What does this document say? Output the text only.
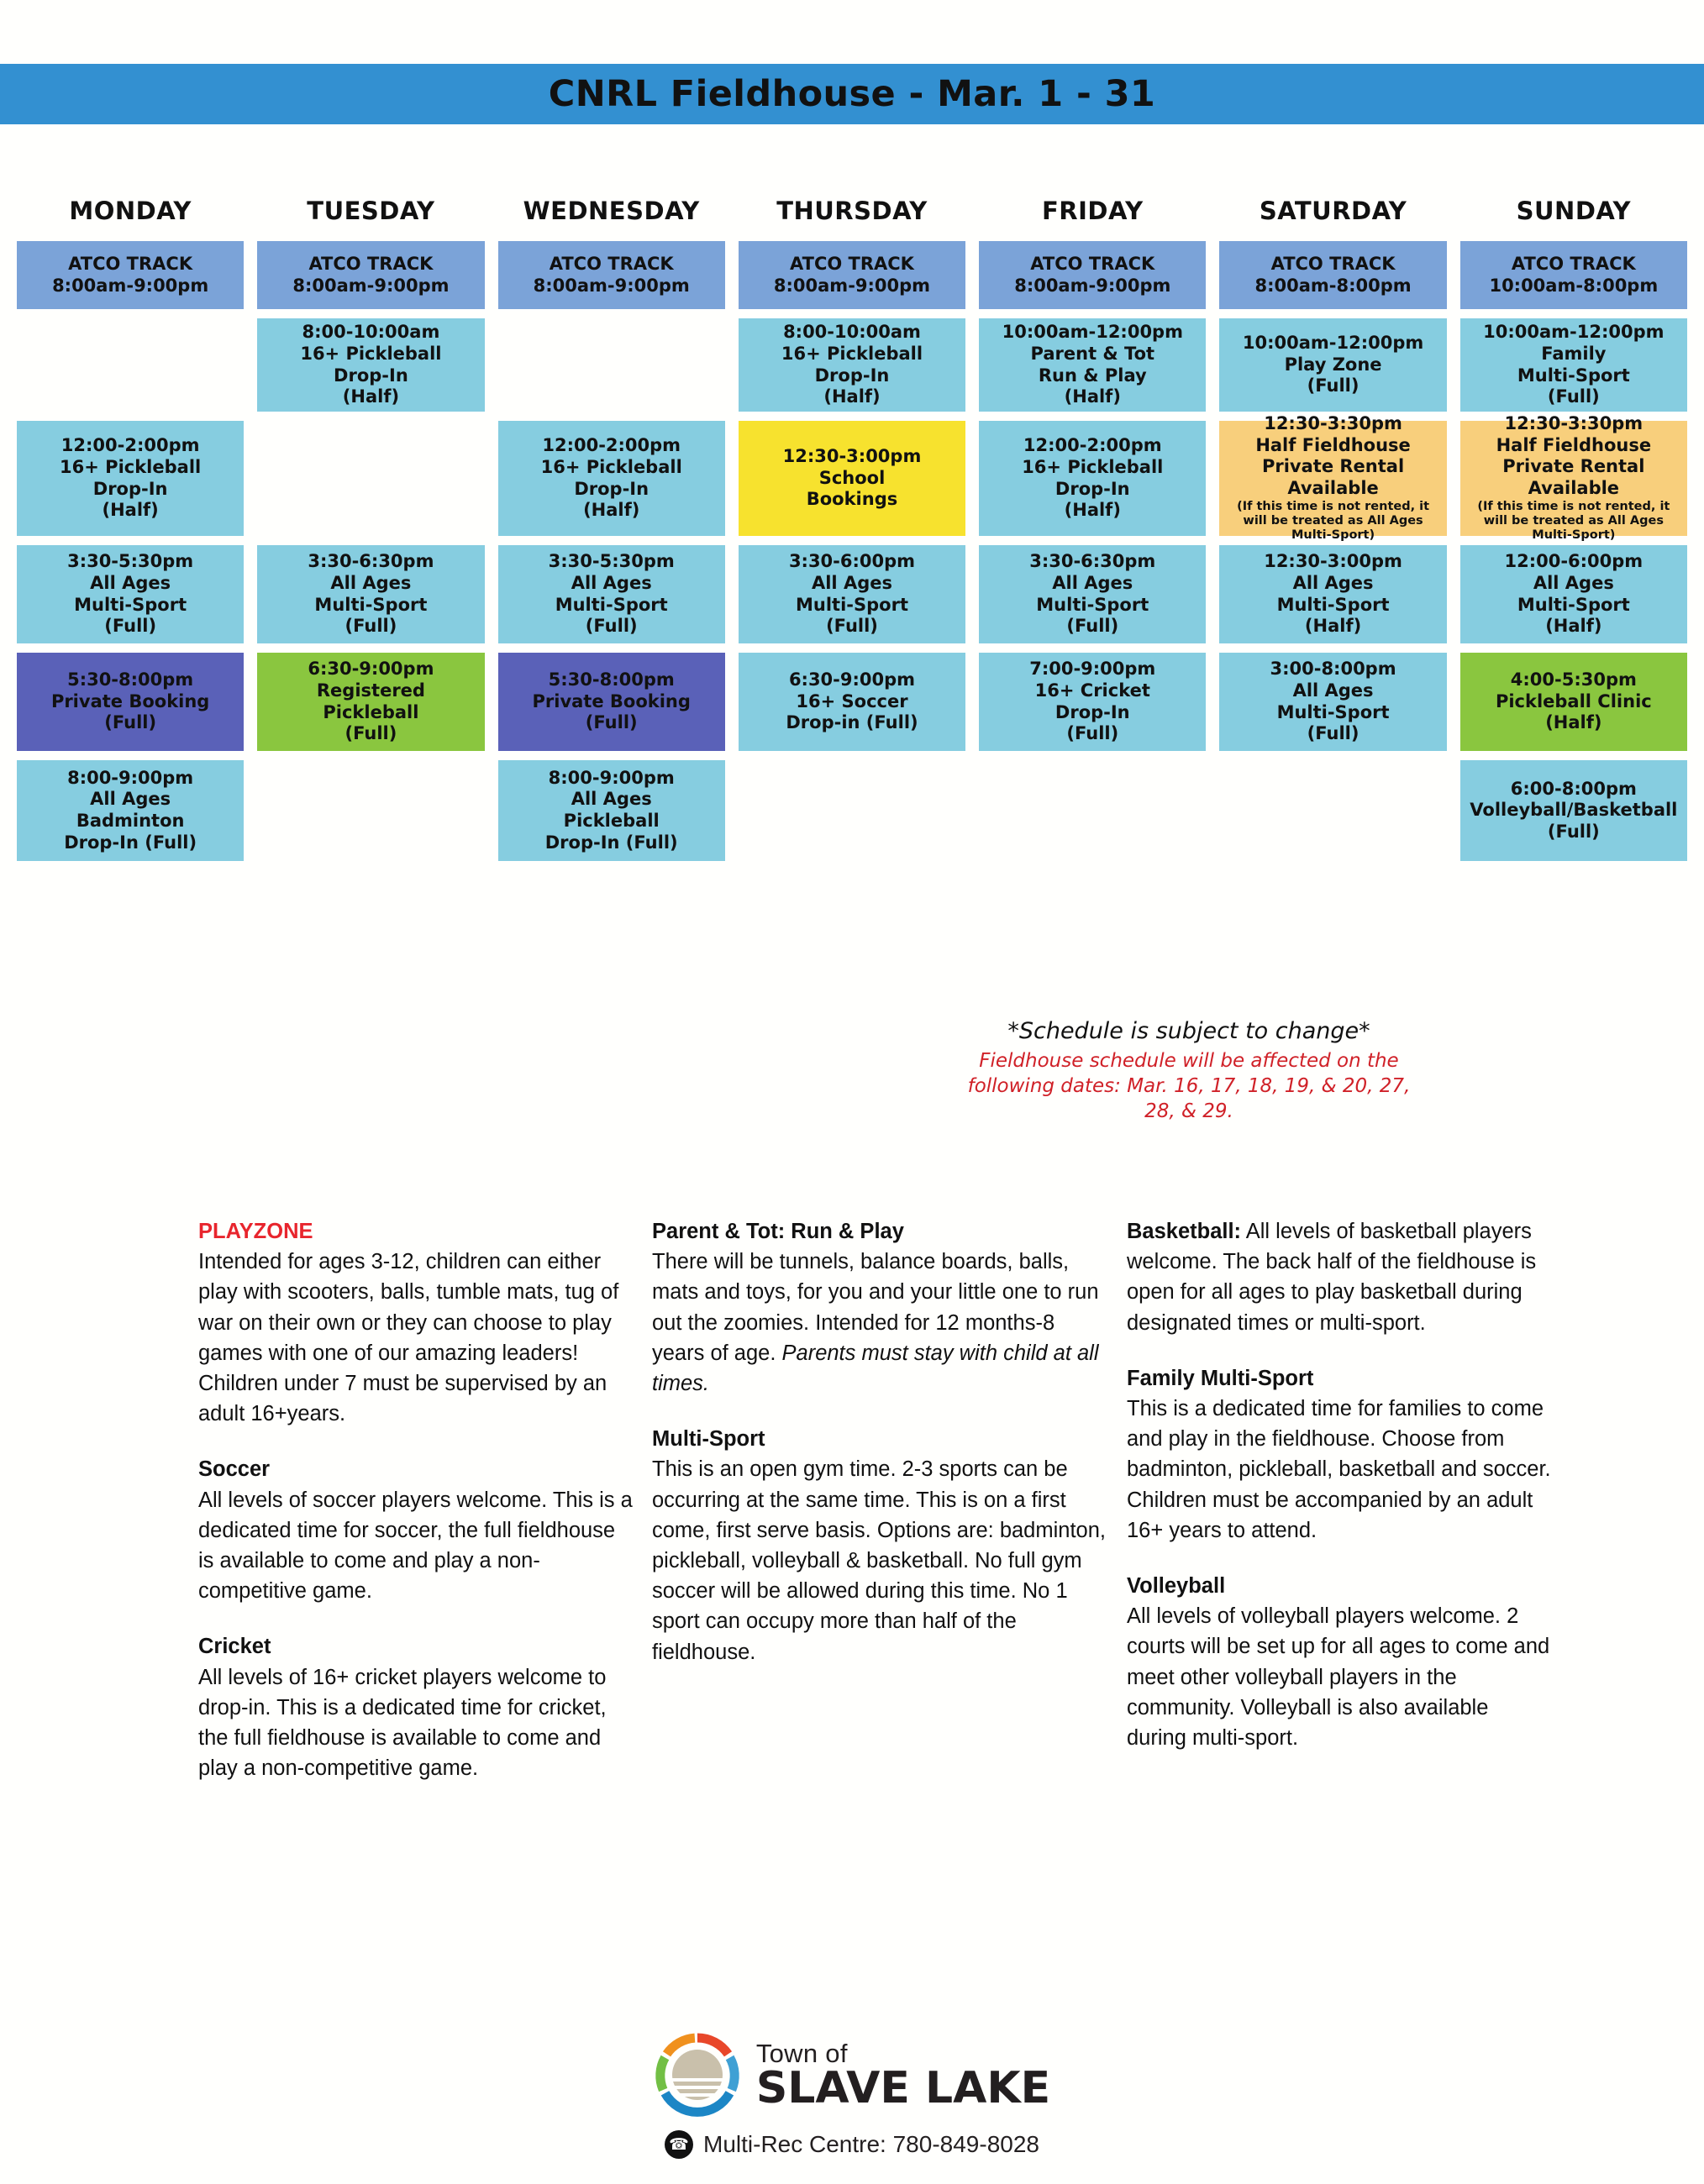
CNRL Fieldhouse - Mar. 1 - 31
MONDAY
ATCO TRACK
8:00am-9:00pm
12:00-2:00pm
16+ Pickleball
Drop-In
(Half)
3:30-5:30pm
All Ages
Multi-Sport
(Full)
5:30-8:00pm
Private Booking
(Full)
8:00-9:00pm
All Ages
Badminton
Drop-In (Full)
TUESDAY
ATCO TRACK
8:00am-9:00pm
8:00-10:00am
16+ Pickleball
Drop-In
(Half)
3:30-6:30pm
All Ages
Multi-Sport
(Full)
6:30-9:00pm
Registered
Pickleball
(Full)
WEDNESDAY
ATCO TRACK
8:00am-9:00pm
12:00-2:00pm
16+ Pickleball
Drop-In
(Half)
3:30-5:30pm
All Ages
Multi-Sport
(Full)
5:30-8:00pm
Private Booking
(Full)
8:00-9:00pm
All Ages
Pickleball
Drop-In (Full)
THURSDAY
ATCO TRACK
8:00am-9:00pm
8:00-10:00am
16+ Pickleball
Drop-In
(Half)
12:30-3:00pm
School
Bookings
3:30-6:00pm
All Ages
Multi-Sport
(Full)
6:30-9:00pm
16+ Soccer
Drop-in (Full)
FRIDAY
ATCO TRACK
8:00am-9:00pm
10:00am-12:00pm
Parent & Tot
Run & Play
(Half)
12:00-2:00pm
16+ Pickleball
Drop-In
(Half)
3:30-6:30pm
All Ages
Multi-Sport
(Full)
7:00-9:00pm
16+ Cricket
Drop-In
(Full)
SATURDAY
ATCO TRACK
8:00am-8:00pm
10:00am-12:00pm
Play Zone
(Full)
12:30-3:30pm
Half Fieldhouse
Private Rental
Available
(If this time is not rented, it will be treated as All Ages Multi-Sport)
12:30-3:00pm
All Ages
Multi-Sport
(Half)
3:00-8:00pm
All Ages
Multi-Sport
(Full)
SUNDAY
ATCO TRACK
10:00am-8:00pm
10:00am-12:00pm
Family
Multi-Sport
(Full)
12:30-3:30pm
Half Fieldhouse
Private Rental
Available
(If this time is not rented, it will be treated as All Ages Multi-Sport)
12:00-6:00pm
All Ages
Multi-Sport
(Half)
4:00-5:30pm
Pickleball Clinic
(Half)
6:00-8:00pm
Volleyball/Basketball
(Full)
*Schedule is subject to change*
Fieldhouse schedule will be affected on the following dates: Mar. 16, 17, 18, 19, & 20, 27, 28, & 29.

PLAYZONE
Intended for ages 3-12, children can either play with scooters, balls, tumble mats, tug of war on their own or they can choose to play games with one of our amazing leaders! Children under 7 must be supervised by an adult 16+years.

Soccer
All levels of soccer players welcome. This is a dedicated time for soccer, the full fieldhouse is available to come and play a non-competitive game.

Cricket
All levels of 16+ cricket players welcome to drop-in. This is a dedicated time for cricket, the full fieldhouse is available to come and play a non-competitive game.

Parent & Tot: Run & Play
There will be tunnels, balance boards, balls, mats and toys, for you and your little one to run out the zoomies. Intended for 12 months-8 years of age. Parents must stay with child at all times.

Multi-Sport
This is an open gym time. 2-3 sports can be occurring at the same time. This is on a first come, first serve basis. Options are: badminton, pickleball, volleyball & basketball. No full gym soccer will be allowed during this time. No 1 sport can occupy more than half of the fieldhouse.

Basketball: All levels of basketball players welcome. The back half of the fieldhouse is open for all ages to play basketball during designated times or multi-sport.

Family Multi-Sport
This is a dedicated time for families to come and play in the fieldhouse. Choose from badminton, pickleball, basketball and soccer. Children must be accompanied by an adult 16+ years to attend.

Volleyball
All levels of volleyball players welcome. 2 courts will be set up for all ages to come and meet other volleyball players in the community. Volleyball is also available during multi-sport.

Town of
SLAVE LAKE
☎ Multi-Rec Centre: 780-849-8028
